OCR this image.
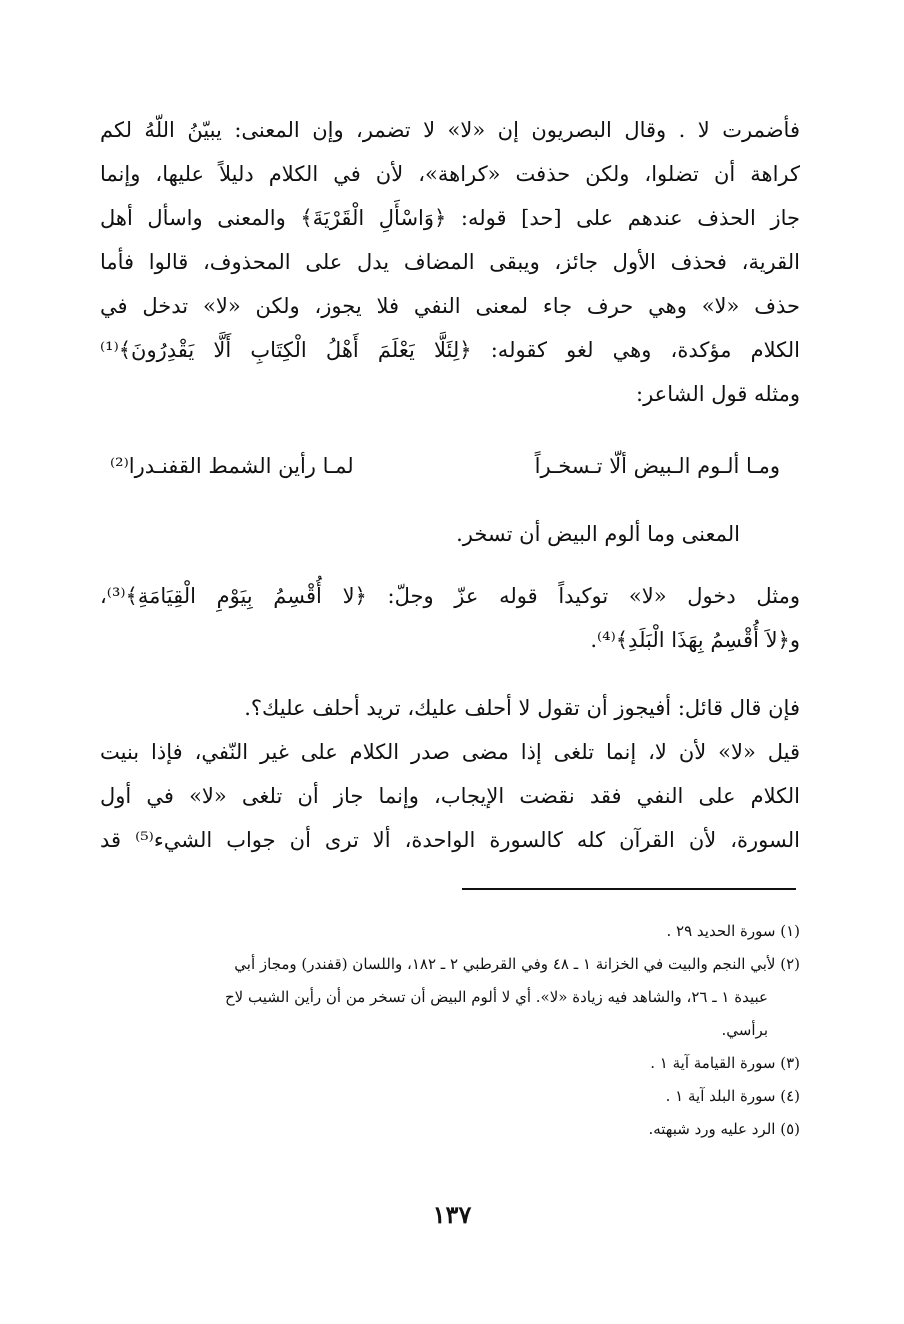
فأضمرت لا . وقال البصريون إن «لا» لا تضمر، وإن المعنى: يبيّنُ اللّهُ لكم
كراهة أن تضلوا، ولكن حذفت «كراهة»، لأن في الكلام دليلاً عليها، وإنما
جاز الحذف عندهم على [حد] قوله: ﴿وَاسْأَلِ الْقَرْيَةَ﴾ والمعنى واسأل أهل
القرية، فحذف الأول جائز، ويبقى المضاف يدل على المحذوف، قالوا فأما
حذف «لا» وهي حرف جاء لمعنى النفي فلا يجوز، ولكن «لا» تدخل في
الكلام مؤكدة، وهي لغو كقوله: ﴿لِئَلَّا يَعْلَمَ أَهْلُ الْكِتَابِ أَلَّا يَقْدِرُونَ﴾⁽¹⁾
ومثله قول الشاعر:
ومـا ألـوم الـبيض ألّا تـسخـراً
لمـا رأين الشمط القفنـدرا⁽²⁾
المعنى وما ألوم البيض أن تسخر.
ومثل دخول «لا» توكيداً قوله عزّ وجلّ: ﴿لا أُقْسِمُ بِيَوْمِ الْقِيَامَةِ﴾⁽³⁾،
و﴿لاَ أُقْسِمُ بِهَذَا الْبَلَدِ﴾⁽⁴⁾.
فإن قال قائل: أفيجوز أن تقول لا أحلف عليك، تريد أحلف عليك؟.
قيل «لا» لأن لا، إنما تلغى إذا مضى صدر الكلام على غير النّفي، فإذا بنيت
الكلام على النفي فقد نقضت الإيجاب، وإنما جاز أن تلغى «لا» في أول
السورة، لأن القرآن كله كالسورة الواحدة، ألا ترى أن جواب الشيء⁽⁵⁾ قد
(١) سورة الحديد ٢٩ .
(٢) لأبي النجم والبيت في الخزانة ١ ـ ٤٨ وفي القرطبي ٢ ـ ١٨٢، واللسان (قفندر) ومجاز أبي
عبيدة ١ ـ ٢٦، والشاهد فيه زيادة «لا». أي لا ألوم البيض أن تسخر من أن رأين الشيب لاح
برأسي.
(٣) سورة القيامة آية ١ .
(٤) سورة البلد آية ١ .
(٥) الرد عليه ورد شبهته.
١٣٧
